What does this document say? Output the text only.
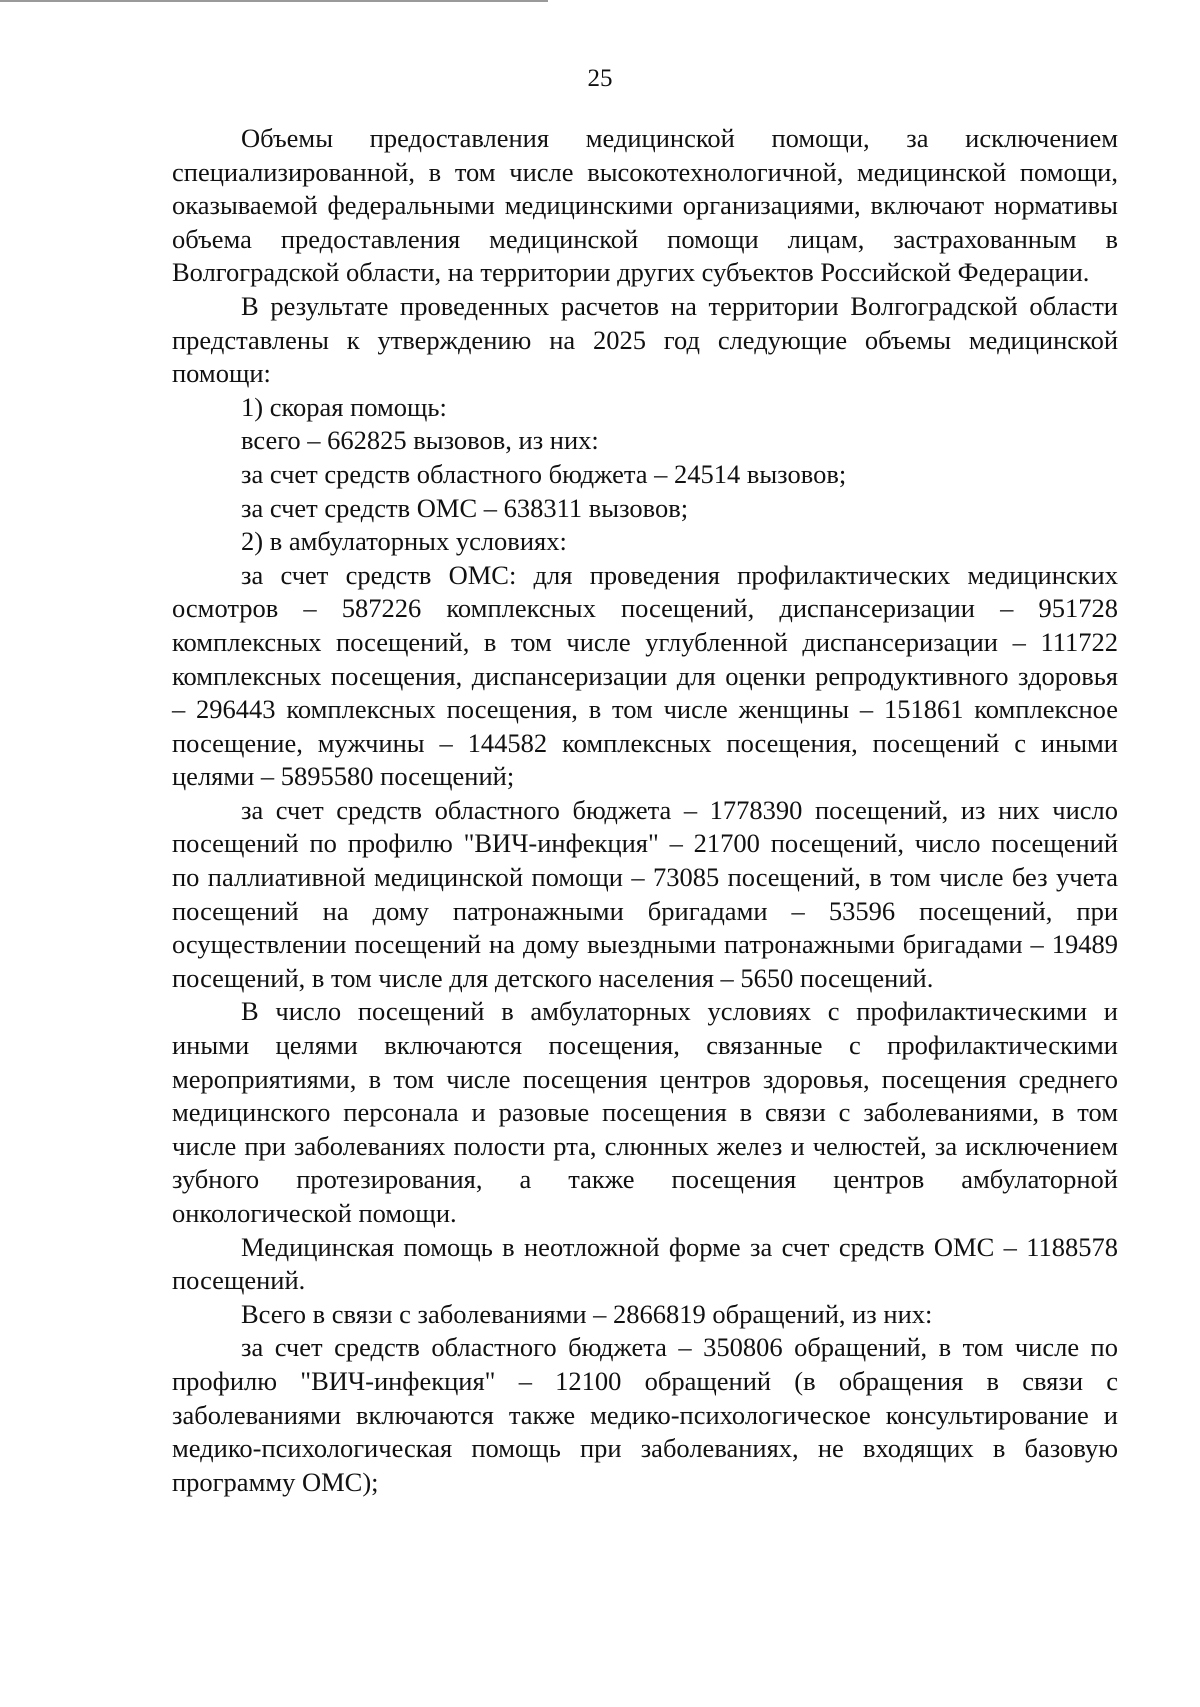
25

Объемы предоставления медицинской помощи, за исключением специализированной, в том числе высокотехнологичной, медицинской помощи, оказываемой федеральными медицинскими организациями, включают нормативы объема предоставления медицинской помощи лицам, застрахованным в Волгоградской области, на территории других субъектов Российской Федерации.

В результате проведенных расчетов на территории Волгоградской области представлены к утверждению на 2025 год следующие объемы медицинской помощи:

1) скорая помощь:

всего – 662825 вызовов, из них:

за счет средств областного бюджета – 24514 вызовов;

за счет средств ОМС – 638311 вызовов;

2) в амбулаторных условиях:

за счет средств ОМС: для проведения профилактических медицинских осмотров – 587226 комплексных посещений, диспансеризации – 951728 комплексных посещений, в том числе углубленной диспансеризации – 111722 комплексных посещения, диспансеризации для оценки репродуктивного здоровья – 296443 комплексных посещения, в том числе женщины – 151861 комплексное посещение, мужчины – 144582 комплексных посещения, посещений с иными целями – 5895580 посещений;

за счет средств областного бюджета – 1778390 посещений, из них число посещений по профилю "ВИЧ-инфекция" – 21700 посещений, число посещений по паллиативной медицинской помощи – 73085 посещений, в том числе без учета посещений на дому патронажными бригадами – 53596 посещений, при осуществлении посещений на дому выездными патронажными бригадами – 19489 посещений, в том числе для детского населения – 5650 посещений.

В число посещений в амбулаторных условиях с профилактическими и иными целями включаются посещения, связанные с профилактическими мероприятиями, в том числе посещения центров здоровья, посещения среднего медицинского персонала и разовые посещения в связи с заболеваниями, в том числе при заболеваниях полости рта, слюнных желез и челюстей, за исключением зубного протезирования, а также посещения центров амбулаторной онкологической помощи.

Медицинская помощь в неотложной форме за счет средств ОМС – 1188578 посещений.

Всего в связи с заболеваниями – 2866819 обращений, из них:

за счет средств областного бюджета – 350806 обращений, в том числе по профилю "ВИЧ-инфекция" – 12100 обращений (в обращения в связи с заболеваниями включаются также медико-психологическое консультирование и медико-психологическая помощь при заболеваниях, не входящих в базовую программу ОМС);
